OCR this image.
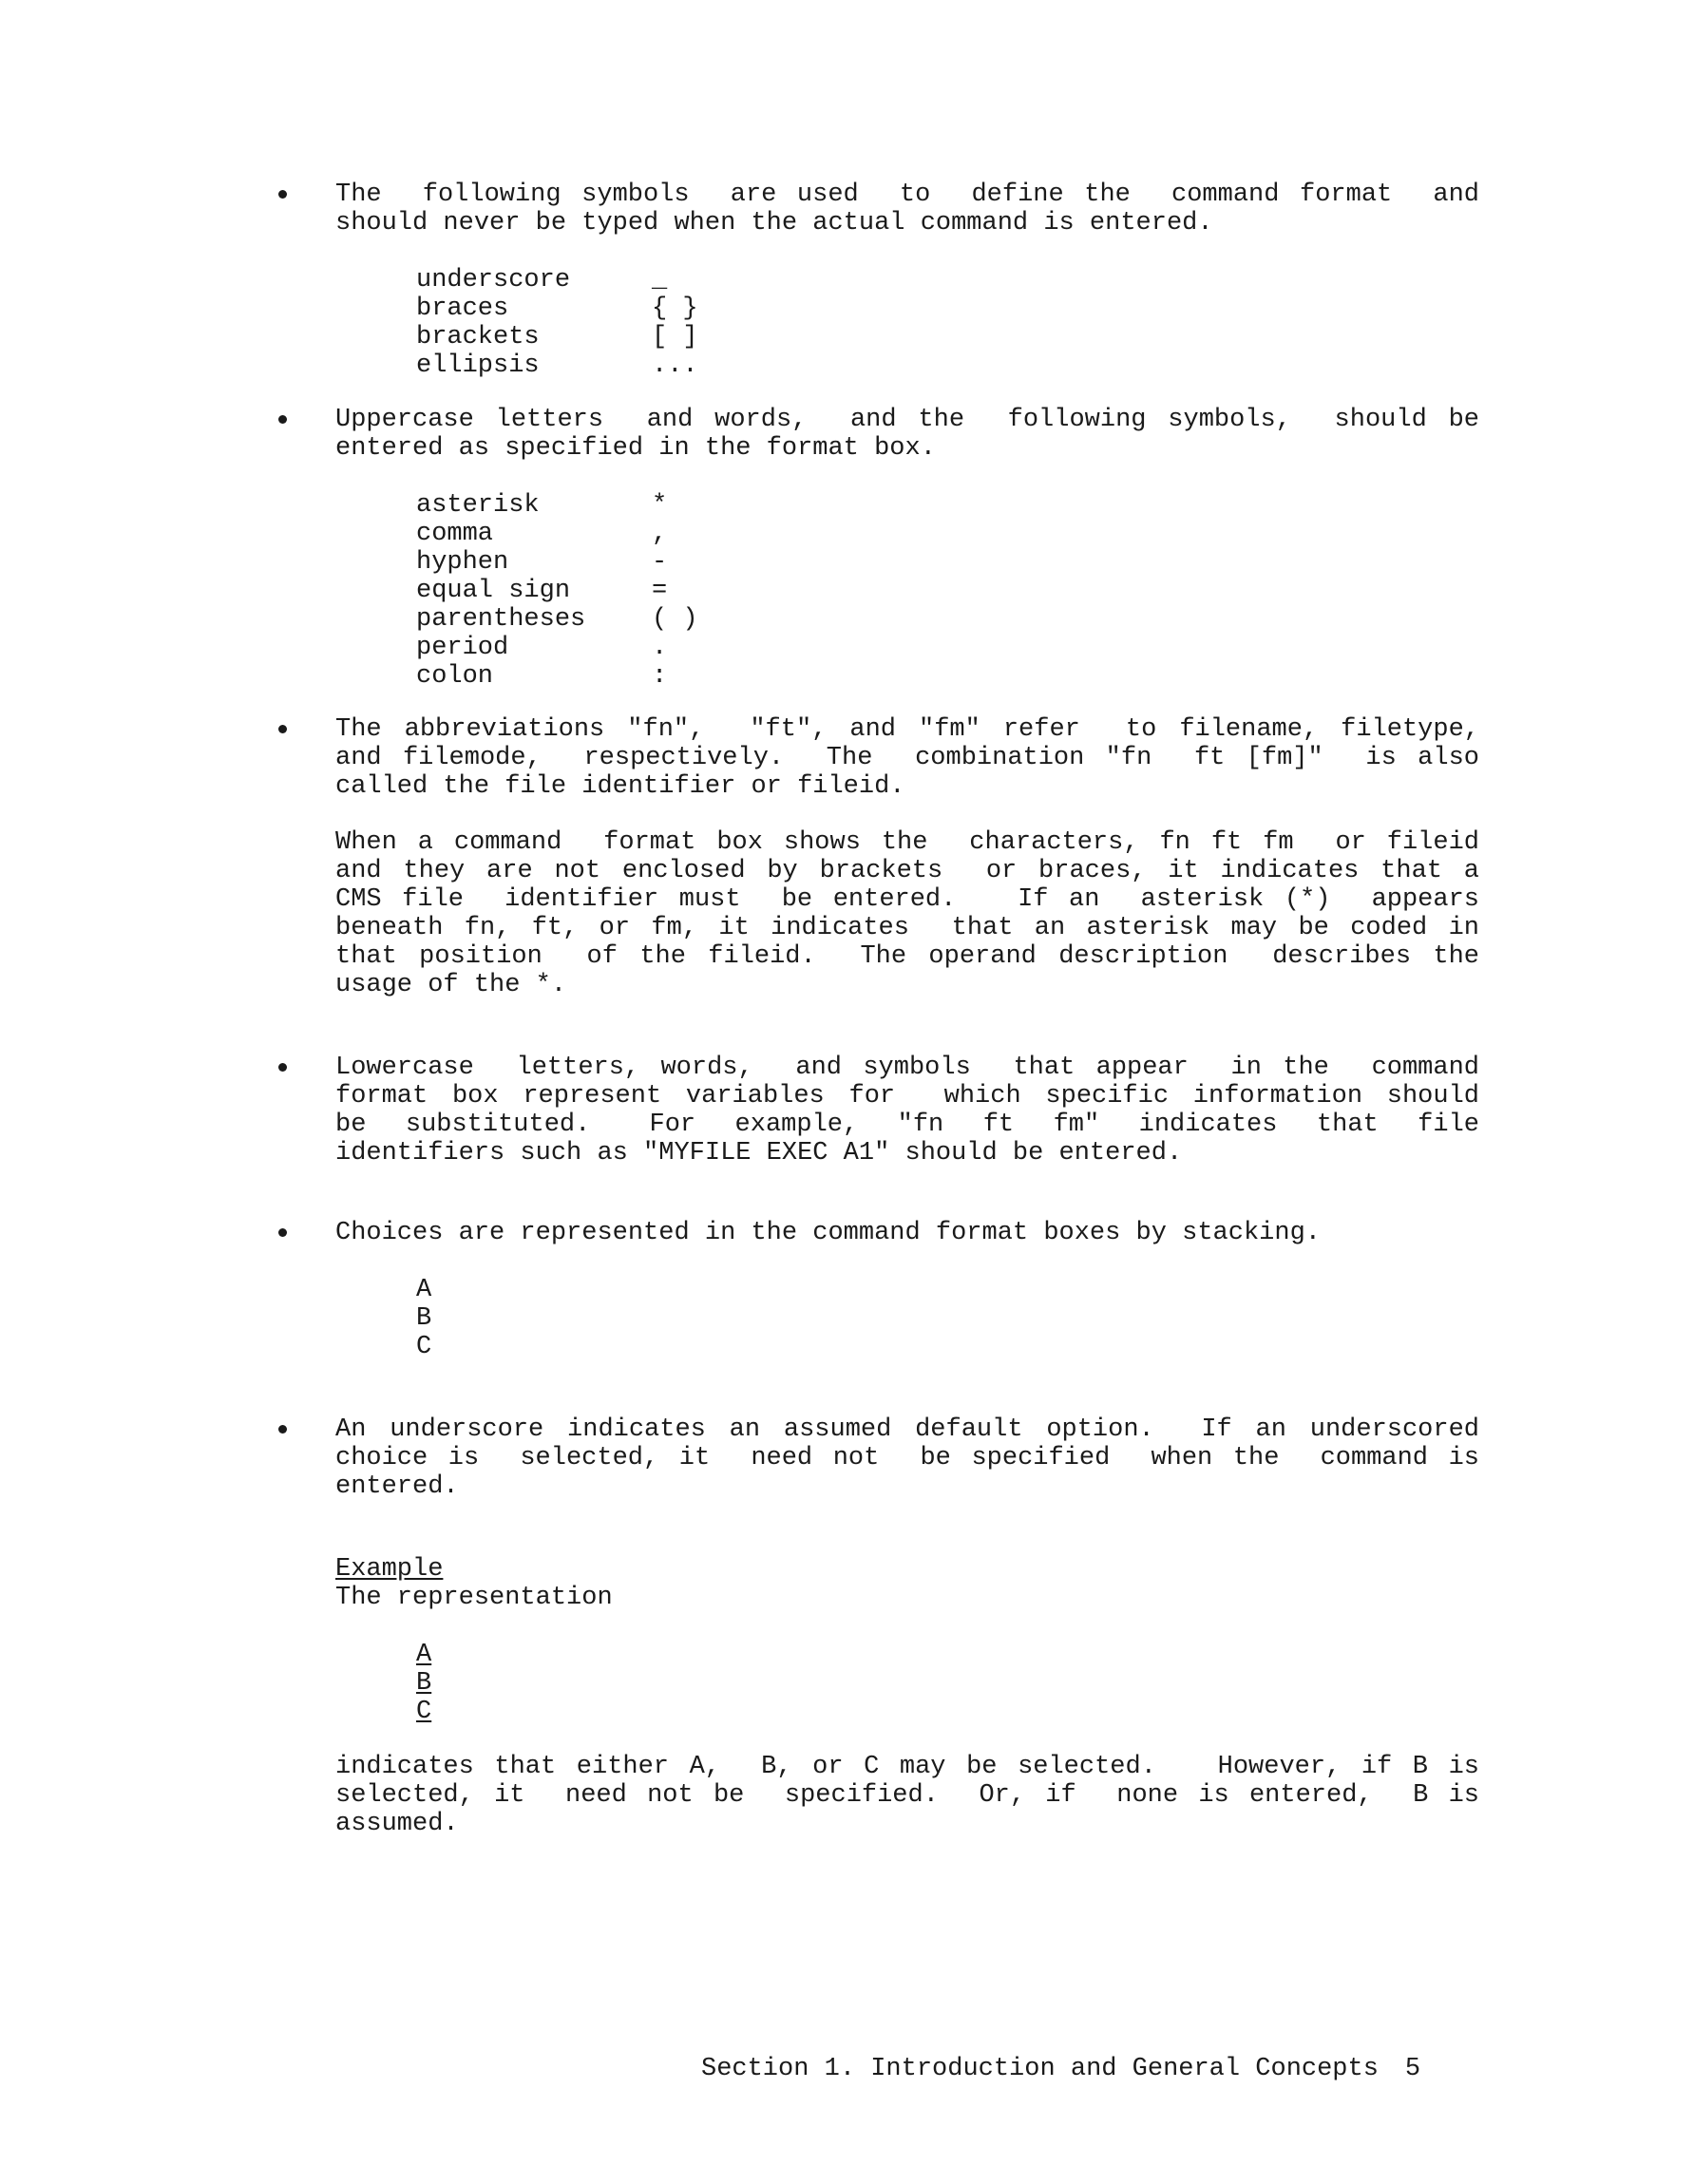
The  following symbols  are used  to  define the  command format  and
should never be typed when the actual command is entered.
underscore	_
braces	{ }
brackets	[ ]
ellipsis	...
Uppercase letters  and words,  and the  following symbols,  should be
entered as specified in the format box.
asterisk	*
comma	,
hyphen	-
equal sign	=
parentheses	( )
period	.
colon	:
The abbreviations "fn",  "ft", and "fm" refer  to filename, filetype,
and filemode,  respectively.  The  combination "fn  ft [fm]"  is also
called the file identifier or fileid.
When a command  format box shows the  characters, fn ft fm  or fileid
and they are not enclosed by brackets  or braces, it indicates that a
CMS file  identifier must  be entered.   If an  asterisk (*)  appears
beneath fn, ft, or fm, it indicates  that an asterisk may be coded in
that position  of the fileid.  The operand description  describes the
usage of the *.
Lowercase  letters, words,  and symbols  that appear  in the  command
format box represent variables for  which specific information should
be  substituted.   For  example,  "fn  ft  fm"  indicates  that  file
identifiers such as "MYFILE EXEC A1" should be entered.
Choices are represented in the command format boxes by stacking.
A
B
C
An underscore indicates an assumed default option.  If an underscored
choice is  selected, it  need not  be specified  when the  command is
entered.
Example
The representation
A
B
C
indicates that either A,  B, or C may be selected.   However, if B is
selected, it  need not be  specified.  Or, if  none is entered,  B is
assumed.
Section 1. Introduction and General Concepts 5
